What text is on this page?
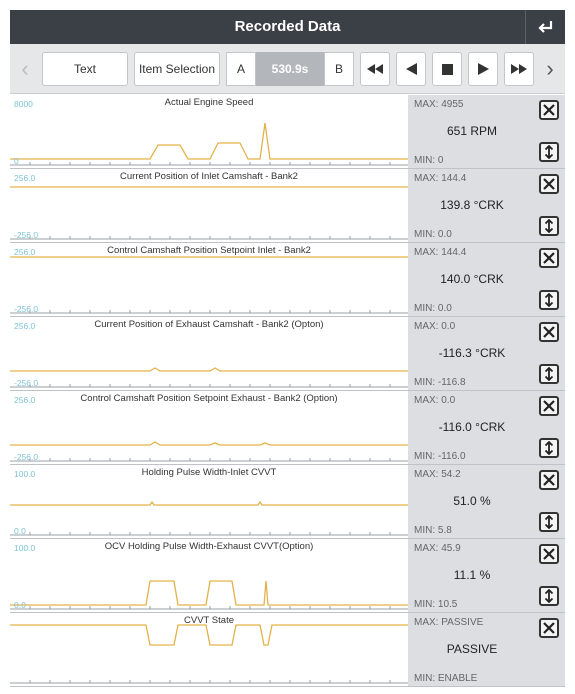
Recorded Data
‹	Text	Item Selection	A	530.9s	B	›
Actual Engine Speed
8000
0
MAX: 4955
651 RPM
MIN: 0
Current Position of Inlet Camshaft - Bank2
256.0
-256.0
MAX: 144.4
139.8 °CRK
MIN: 0.0
Control Camshaft Position Setpoint Inlet - Bank2
256.0
-256.0
MAX: 144.4
140.0 °CRK
MIN: 0.0
Current Position of Exhaust Camshaft - Bank2 (Opton)
256.0
-256.0
MAX: 0.0
-116.3 °CRK
MIN: -116.8
Control Camshaft Position Setpoint Exhaust - Bank2 (Option)
256.0
-256.0
MAX: 0.0
-116.0 °CRK
MIN: -116.0
Holding Pulse Width-Inlet CVVT
100.0
0.0
MAX: 54.2
51.0 %
MIN: 5.8
OCV Holding Pulse Width-Exhaust CVVT(Option)
100.0
0.0
MAX: 45.9
11.1 %
MIN: 10.5
CVVT State	MAX: PASSIVE
PASSIVE
MIN: ENABLE
